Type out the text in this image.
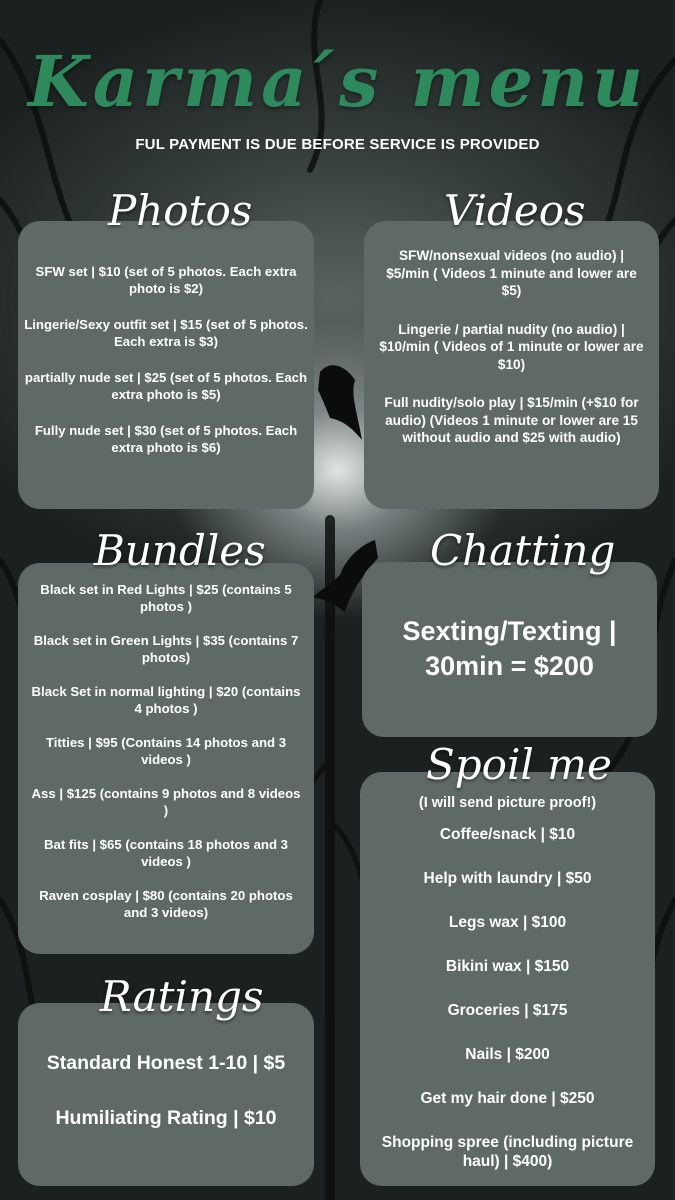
Karma ́s menu
FUL PAYMENT IS DUE BEFORE SERVICE IS PROVIDED
SFW set | $10 (set of 5 photos. Each extra photo is $2)
Lingerie/Sexy outfit set | $15 (set of 5 photos. Each extra is $3)
partially nude set | $25 (set of 5 photos. Each extra photo is $5)
Fully nude set | $30 (set of 5 photos. Each extra photo is $6)
Photos
SFW/nonsexual videos (no audio) | $5/min ( Videos 1 minute and lower are $5)
Lingerie / partial nudity (no audio) | $10/min ( Videos of 1 minute or lower are $10)
Full nudity/solo play | $15/min (+$10 for audio) (Videos 1 minute or lower are 15 without audio and $25 with audio)
Videos
Black set in Red Lights | $25 (contains 5 photos )
Black set in Green Lights | $35 (contains 7 photos)
Black Set in normal lighting | $20 (contains 4 photos )
Titties | $95 (Contains 14 photos and 3 videos )
Ass | $125 (contains 9 photos and 8 videos )
Bat fits | $65 (contains 18 photos and 3 videos )
Raven cosplay | $80 (contains 20 photos and 3 videos)
Bundles
Sexting/Texting | 30min = $200
Chatting
(I will send picture proof!)
Coffee/snack | $10
Help with laundry | $50
Legs wax | $100
Bikini wax | $150
Groceries | $175
Nails | $200
Get my hair done | $250
Shopping spree (including picture haul) | $400)
Spoil me
Standard Honest 1-10 | $5
Humiliating Rating | $10
Ratings
